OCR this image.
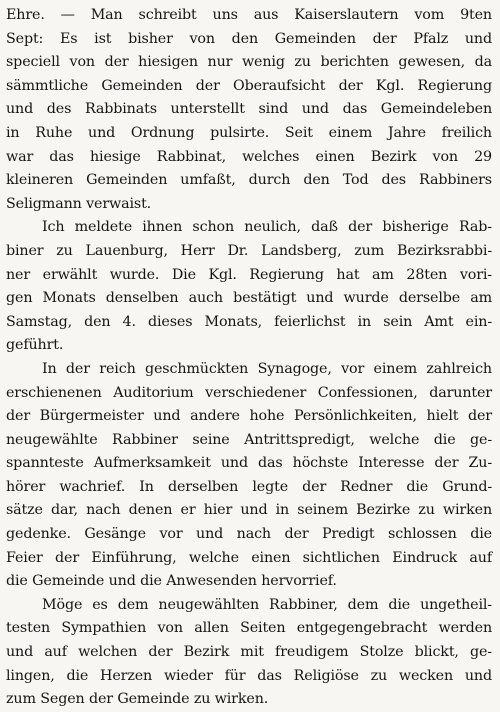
Ehre. — Man schreibt uns aus Kaiserslautern vom 9ten
Sept: Es ist bisher von den Gemeinden der Pfalz und
speciell von der hiesigen nur wenig zu berichten gewesen, da
sämmtliche Gemeinden der Oberaufsicht der Kgl. Regierung
und des Rabbinats unterstellt sind und das Gemeindeleben
in Ruhe und Ordnung pulsirte. Seit einem Jahre freilich
war das hiesige Rabbinat, welches einen Bezirk von 29
kleineren Gemeinden umfaßt, durch den Tod des Rabbiners
Seligmann verwaist.
Ich meldete ihnen schon neulich, daß der bisherige Rab-
biner zu Lauenburg, Herr Dr. Landsberg, zum Bezirksrabbi-
ner erwählt wurde. Die Kgl. Regierung hat am 28ten vori-
gen Monats denselben auch bestätigt und wurde derselbe am
Samstag, den 4. dieses Monats, feierlichst in sein Amt ein-
geführt.
In der reich geschmückten Synagoge, vor einem zahlreich
erschienenen Auditorium verschiedener Confessionen, darunter
der Bürgermeister und andere hohe Persönlichkeiten, hielt der
neugewählte Rabbiner seine Antrittspredigt, welche die ge-
spannteste Aufmerksamkeit und das höchste Interesse der Zu-
hörer wachrief. In derselben legte der Redner die Grund-
sätze dar, nach denen er hier und in seinem Bezirke zu wirken
gedenke. Gesänge vor und nach der Predigt schlossen die
Feier der Einführung, welche einen sichtlichen Eindruck auf
die Gemeinde und die Anwesenden hervorrief.
Möge es dem neugewählten Rabbiner, dem die ungetheil-
testen Sympathien von allen Seiten entgegengebracht werden
und auf welchen der Bezirk mit freudigem Stolze blickt, ge-
lingen, die Herzen wieder für das Religiöse zu wecken und
zum Segen der Gemeinde zu wirken.
